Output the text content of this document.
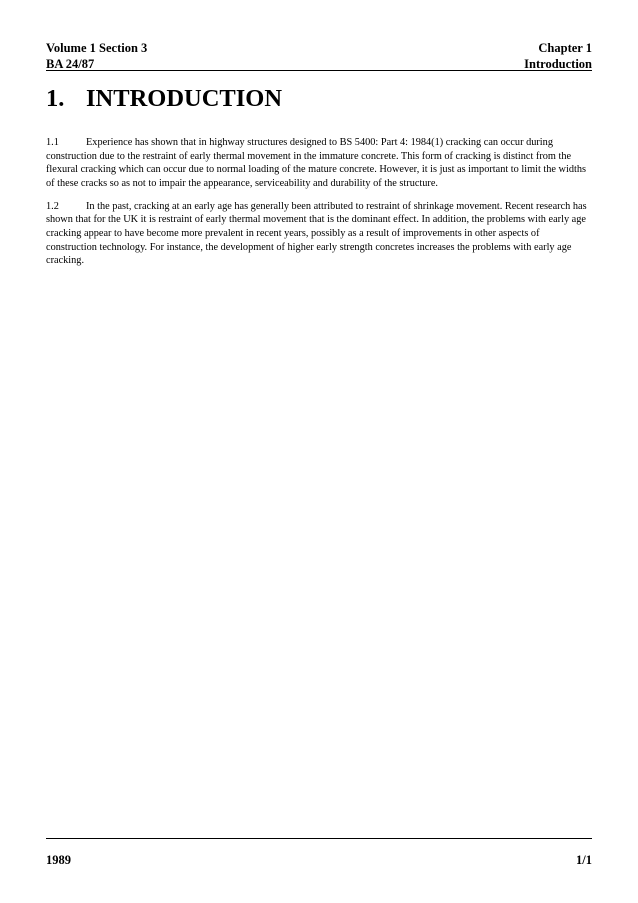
Volume 1 Section 3	Chapter 1
BA 24/87	Introduction
1. INTRODUCTION

1.1	Experience has shown that in highway structures designed to BS 5400: Part 4: 1984(1) cracking can occur during construction due to the restraint of early thermal movement in the immature concrete. This form of cracking is distinct from the flexural cracking which can occur due to normal loading of the mature concrete. However, it is just as important to limit the widths of these cracks so as not to impair the appearance, serviceability and durability of the structure.

1.2	In the past, cracking at an early age has generally been attributed to restraint of shrinkage movement. Recent research has shown that for the UK it is restraint of early thermal movement that is the dominant effect. In addition, the problems with early age cracking appear to have become more prevalent in recent years, possibly as a result of improvements in other aspects of construction technology. For instance, the development of higher early strength concretes increases the problems with early age cracking.

1989	1/1
